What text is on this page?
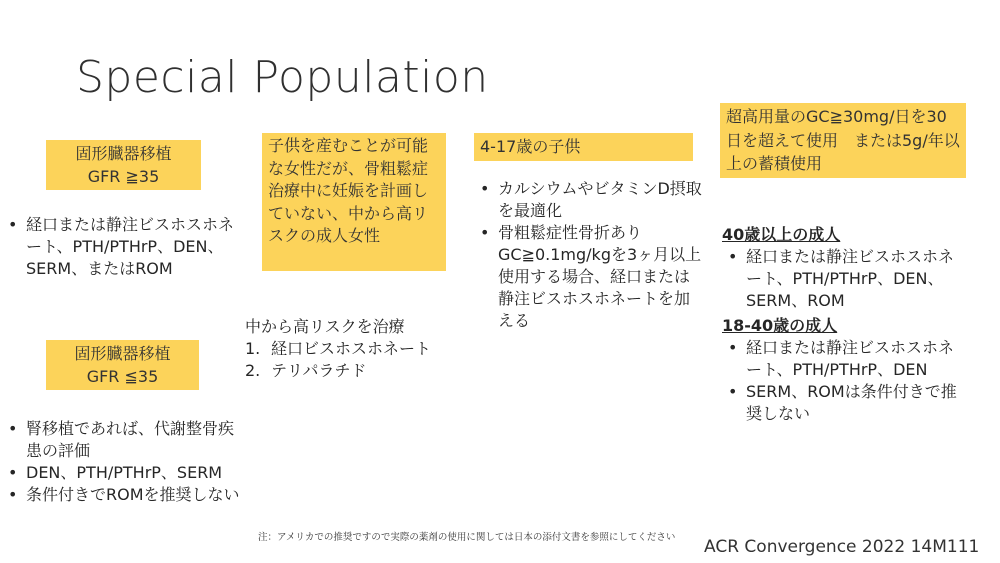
Special Population
固形臓器移植
GFR ≧35
• 経口または静注ビスホスホネート、PTH/PTHrP、DEN、SERM、またはROM
固形臓器移植
GFR ≦35
• 腎移植であれば、代謝整骨疾患の評価
• DEN、PTH/PTHrP、SERM
• 条件付きでROMを推奨しない
子供を産むことが可能な女性だが、骨粗鬆症治療中に妊娠を計画していない、中から高リスクの成人女性
中から高リスクを治療
1. 経口ビスホスホネート
2. テリパラチド
4-17歳の子供
• カルシウムやビタミンD摂取を最適化
• 骨粗鬆症性骨折ありGC≧0.1mg/kgを3ヶ月以上使用する場合、経口または静注ビスホスホネートを加える
超高用量のGC≧30mg/日を30日を超えて使用　または5g/年以上の蓄積使用
40歳以上の成人
• 経口または静注ビスホスホネート、PTH/PTHrP、DEN、SERM、ROM
18-40歳の成人
• 経口または静注ビスホスホネート、PTH/PTHrP、DEN
• SERM、ROMは条件付きで推奨しない
注：アメリカでの推奨ですので実際の薬剤の使用に関しては日本の添付文書を参照にしてください	ACR Convergence 2022 14M111
